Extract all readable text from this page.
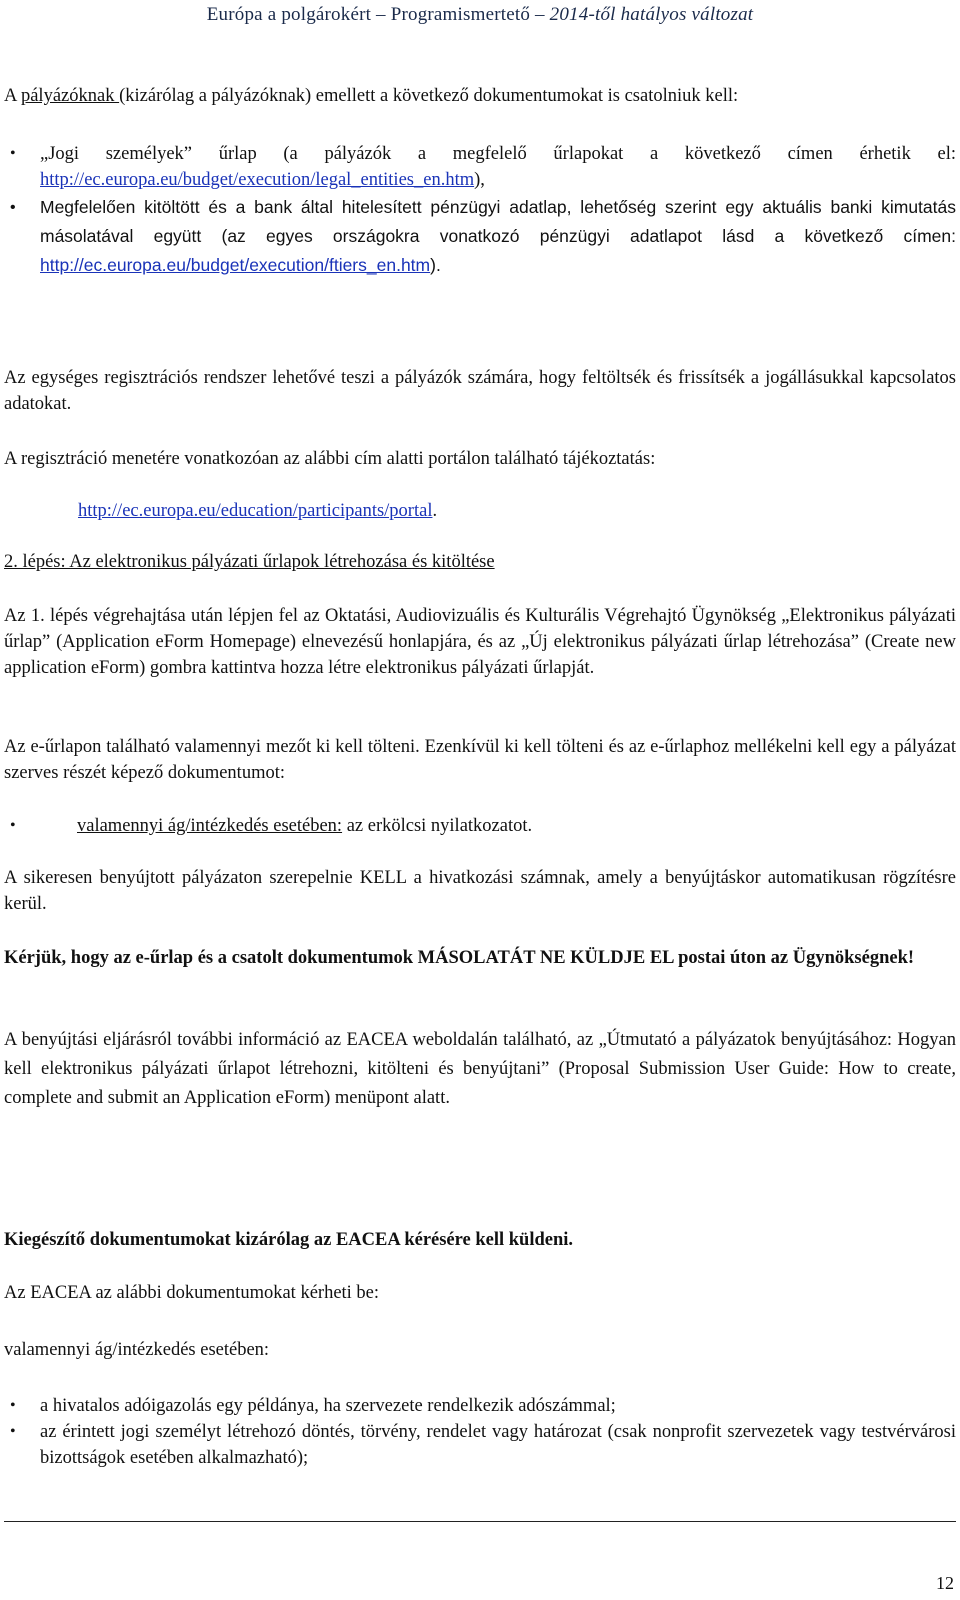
Európa a polgárokért – Programismertető – 2014-től hatályos változat

A pályázóknak (kizárólag a pályázóknak) emellett a következő dokumentumokat is csatolniuk kell:

• „Jogi személyek” űrlap (a pályázók a megfelelő űrlapokat a következő címen érhetik el: http://ec.europa.eu/budget/execution/legal_entities_en.htm),
• Megfelelően kitöltött és a bank által hitelesített pénzügyi adatlap, lehetőség szerint egy aktuális banki kimutatás másolatával együtt (az egyes országokra vonatkozó pénzügyi adatlapot lásd a következő címen: http://ec.europa.eu/budget/execution/ftiers_en.htm).

Az egységes regisztrációs rendszer lehetővé teszi a pályázók számára, hogy feltöltsék és frissítsék a jogállásukkal kapcsolatos adatokat.

A regisztráció menetére vonatkozóan az alábbi cím alatti portálon található tájékoztatás:

http://ec.europa.eu/education/participants/portal.

2. lépés: Az elektronikus pályázati űrlapok létrehozása és kitöltése

Az 1. lépés végrehajtása után lépjen fel az Oktatási, Audiovizuális és Kulturális Végrehajtó Ügynökség „Elektronikus pályázati űrlap” (Application eForm Homepage) elnevezésű honlapjára, és az „Új elektronikus pályázati űrlap létrehozása” (Create new application eForm) gombra kattintva hozza létre elektronikus pályázati űrlapját.

Az e-űrlapon található valamennyi mezőt ki kell tölteni. Ezenkívül ki kell tölteni és az e-űrlaphoz mellékelni kell egy a pályázat szerves részét képező dokumentumot:

• valamennyi ág/intézkedés esetében: az erkölcsi nyilatkozatot.

A sikeresen benyújtott pályázaton szerepelnie KELL a hivatkozási számnak, amely a benyújtáskor automatikusan rögzítésre kerül.

Kérjük, hogy az e-űrlap és a csatolt dokumentumok MÁSOLATÁT NE KÜLDJE EL postai úton az Ügynökségnek!

A benyújtási eljárásról további információ az EACEA weboldalán található, az „Útmutató a pályázatok benyújtásához: Hogyan kell elektronikus pályázati űrlapot létrehozni, kitölteni és benyújtani” (Proposal Submission User Guide: How to create, complete and submit an Application eForm) menüpont alatt.

Kiegészítő dokumentumokat kizárólag az EACEA kérésére kell küldeni.

Az EACEA az alábbi dokumentumokat kérheti be:

valamennyi ág/intézkedés esetében:

• a hivatalos adóigazolás egy példánya, ha szervezete rendelkezik adószámmal;
• az érintett jogi személyt létrehozó döntés, törvény, rendelet vagy határozat (csak nonprofit szervezetek vagy testvérvárosi bizottságok esetében alkalmazható);
12
